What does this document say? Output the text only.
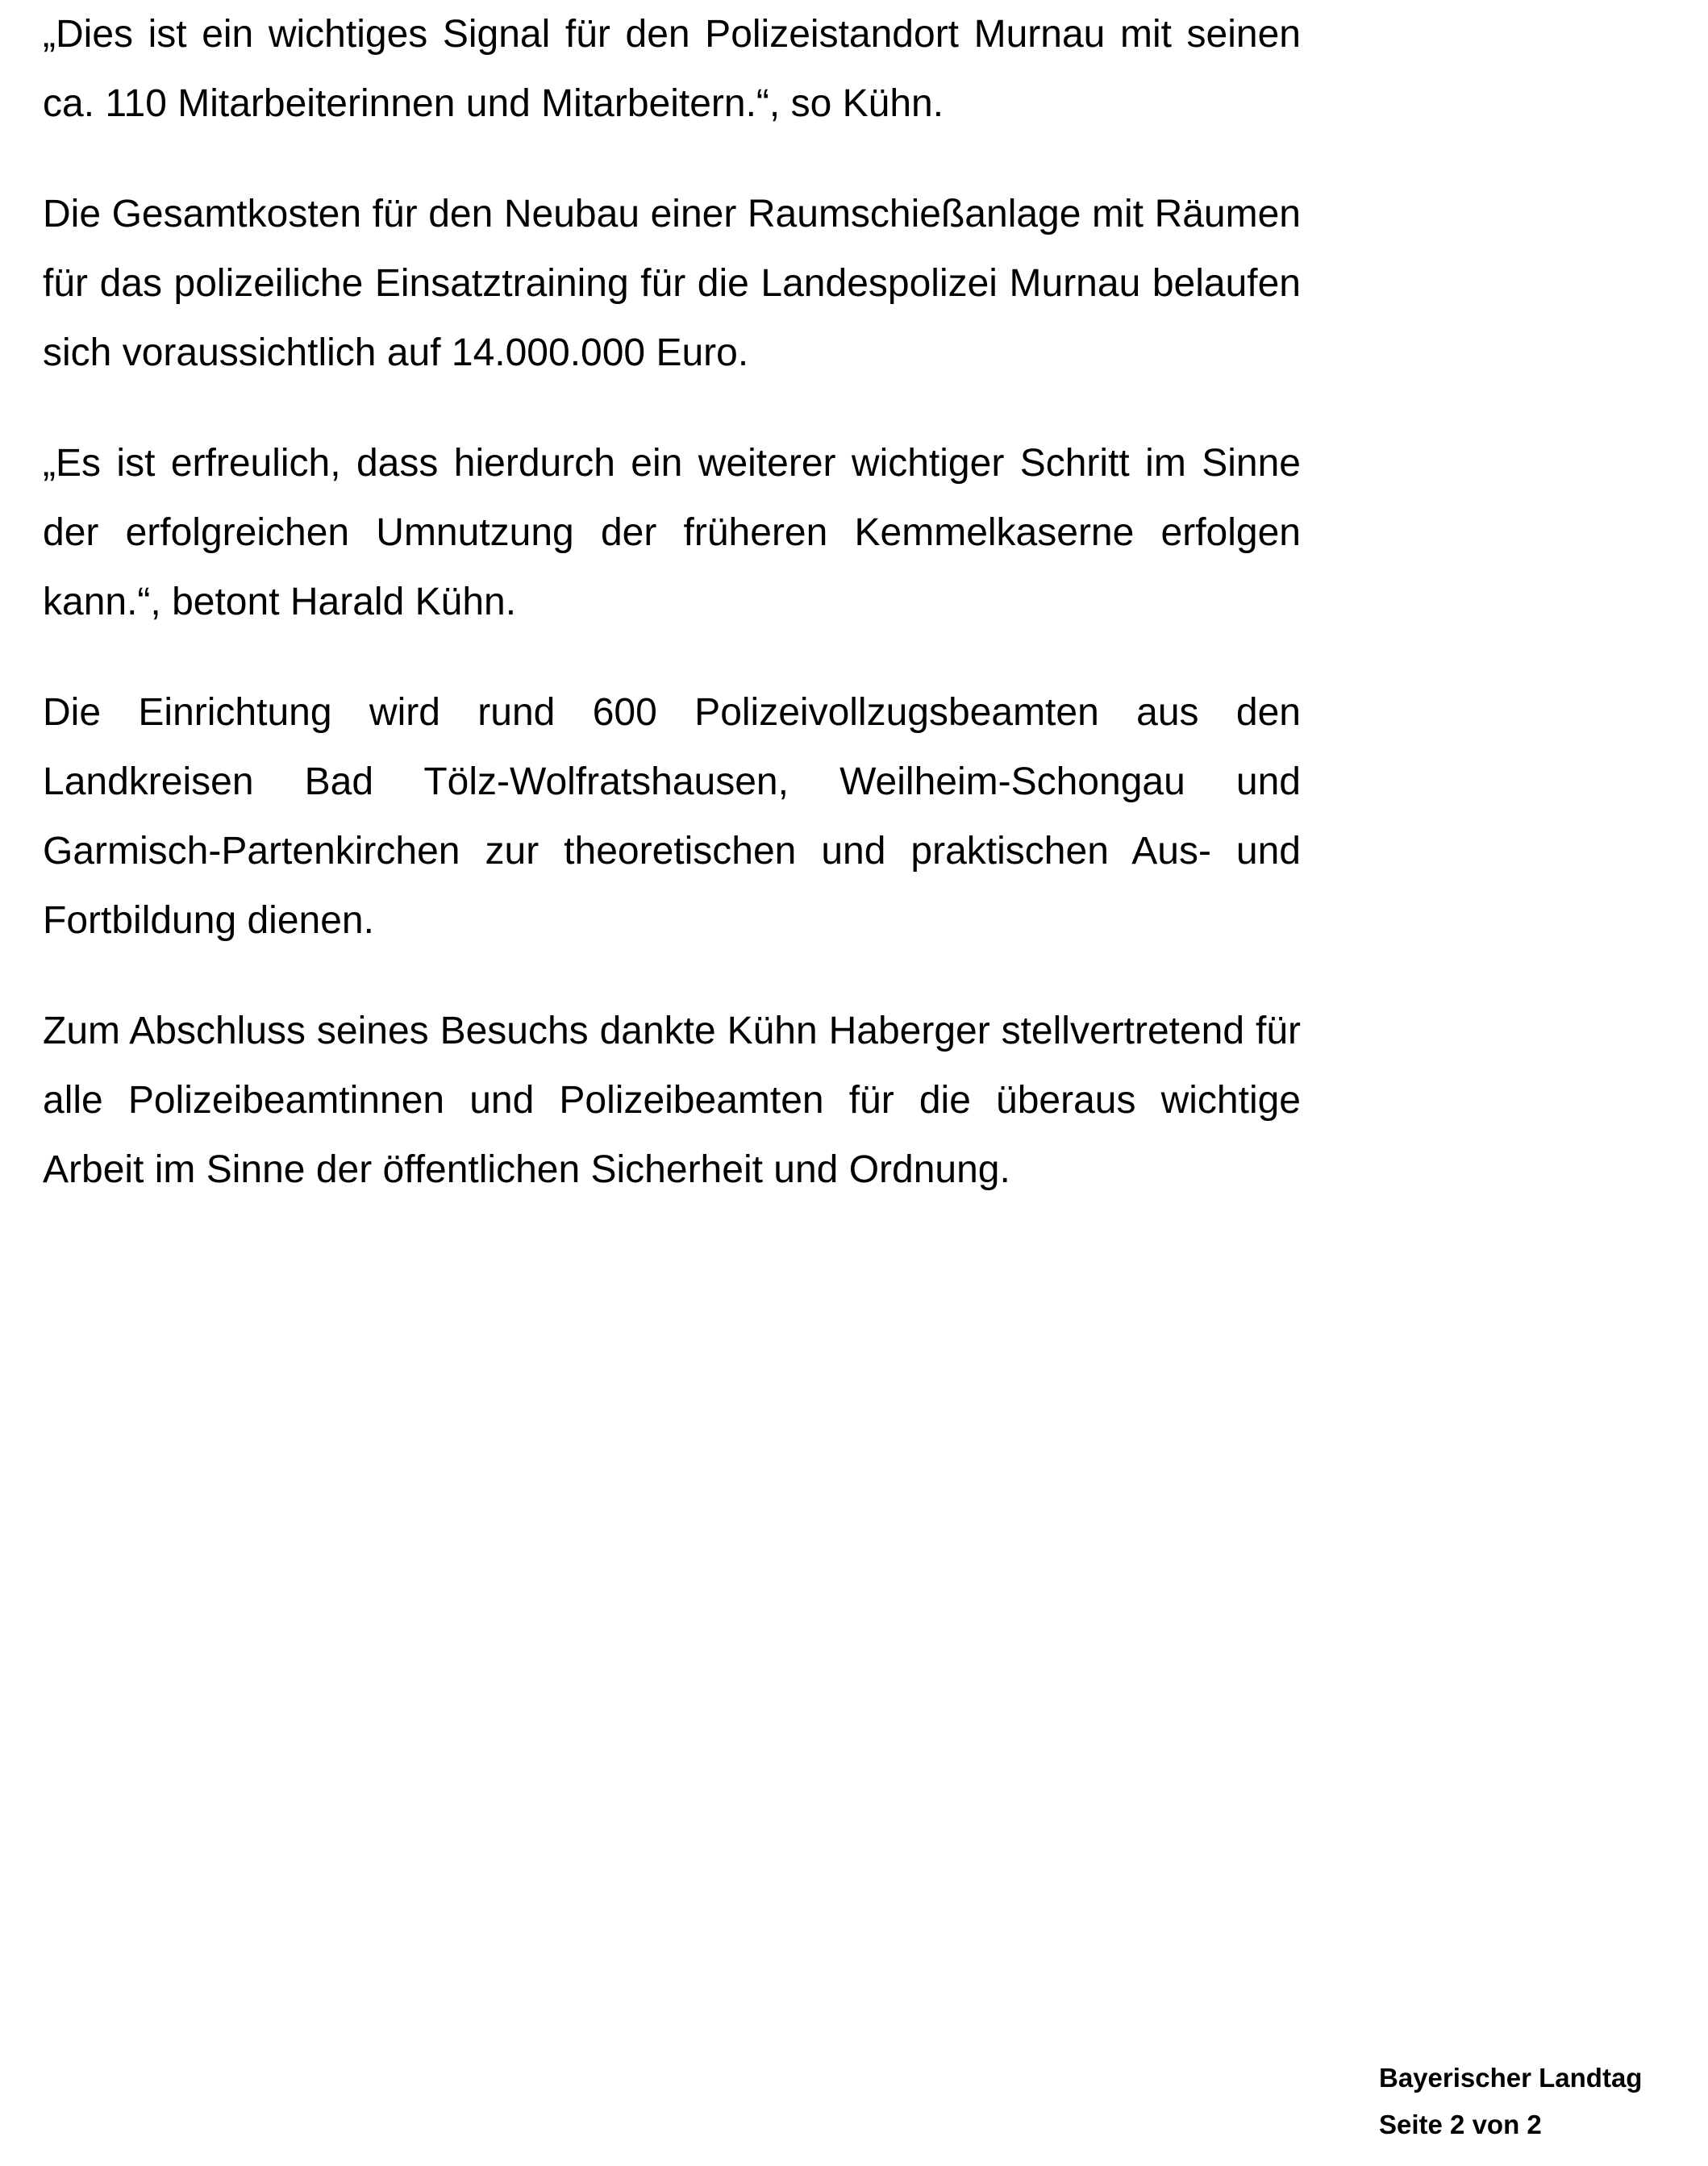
„Dies ist ein wichtiges Signal für den Polizeistandort Murnau mit seinen ca. 110 Mitarbeiterinnen und Mitarbeitern.“, so Kühn.

Die Gesamtkosten für den Neubau einer Raumschießanlage mit Räumen für das polizeiliche Einsatztraining für die Landespolizei Murnau belaufen sich voraussichtlich auf 14.000.000 Euro.

„Es ist erfreulich, dass hierdurch ein weiterer wichtiger Schritt im Sinne der erfolgreichen Umnutzung der früheren Kemmelkaserne erfolgen kann.“, betont Harald Kühn.

Die Einrichtung wird rund 600 Polizeivollzugsbeamten aus den Landkreisen Bad Tölz-Wolfratshausen, Weilheim-Schongau und Garmisch-Partenkirchen zur theoretischen und praktischen Aus- und Fortbildung dienen.

Zum Abschluss seines Besuchs dankte Kühn Haberger stellvertretend für alle Polizeibeamtinnen und Polizeibeamten für die überaus wichtige Arbeit im Sinne der öffentlichen Sicherheit und Ordnung.

Bayerischer Landtag
Seite 2 von 2
